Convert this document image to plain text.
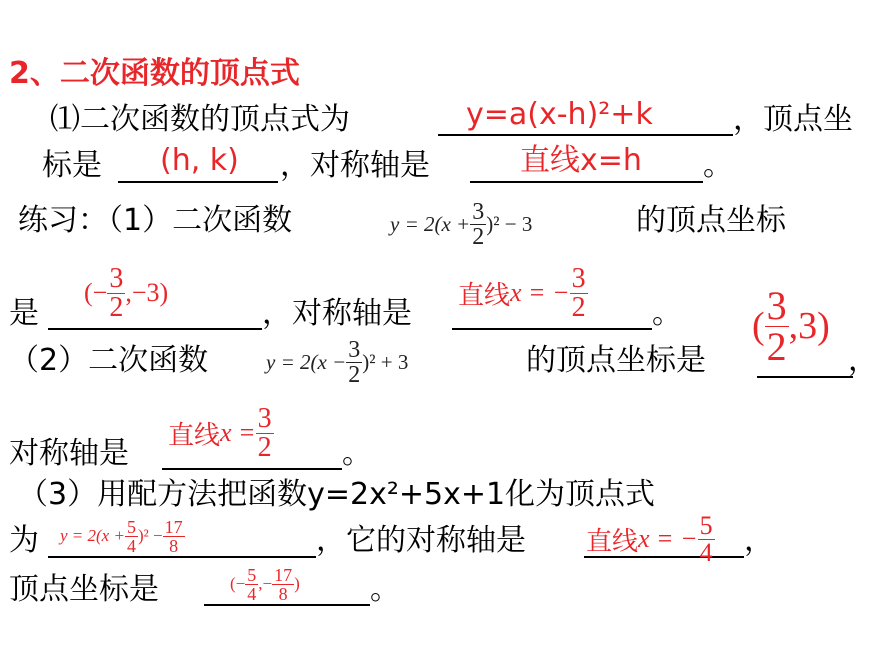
2、二次函数的顶点式
⑴二次函数的顶点式为	y=a(x-h)²+k	，顶点坐
标是 (h, k) ，对称轴是	直线x=h 。
练习：（1）二次函数	$y = 2(x + \frac{3}{2} )^2 - 3$	的顶点坐标
是
(− $\frac{3}{2} ,-3$)
，对称轴是
直线 x = − $\frac{3}{2}$ 。
（2）二次函数	$y = 2(x - \frac{3}{2} )^2 + 3$	的顶点坐标是
( $\frac{3}{2} ,3$)
，
对称轴是
直线 $x = \frac{3}{2}$ 。
（3）用配方法把函数y=2x²+5x+1化为顶点式
为 $y = 2(x + \frac{5}{4} )^2 - \frac{17}{8}$	，它的对称轴是 直线 x = − $\frac{5}{4}$ ，
顶点坐标是	(− $\frac{5}{4}$ ,− $\frac{17}{8}$ ) 。
